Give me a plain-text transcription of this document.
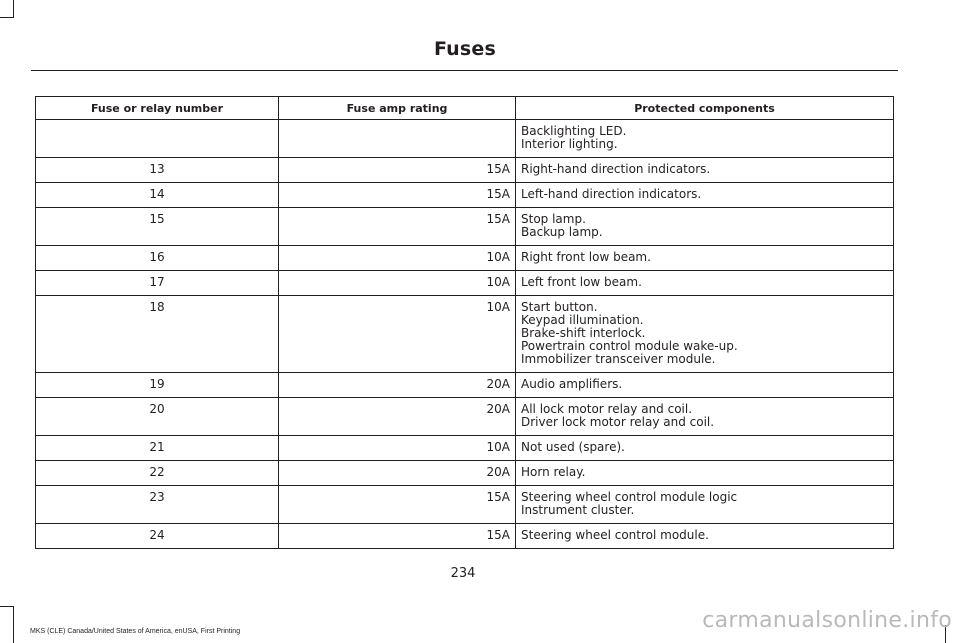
Fuses
Fuse or relay number	Fuse amp rating	Protected components

		Backlighting LED.
Interior lighting.

13	15A	Right-hand direction indicators.

14	15A	Left-hand direction indicators.

15	15A	Stop lamp.
Backup lamp.

16	10A	Right front low beam.

17	10A	Left front low beam.

18	10A	Start button.
Keypad illumination.
Brake-shift interlock.
Powertrain control module wake-up.
Immobilizer transceiver module.

19	20A	Audio amplifiers.

20	20A	All lock motor relay and coil.
Driver lock motor relay and coil.

21	10A	Not used (spare).

22	20A	Horn relay.

23	15A	Steering wheel control module logic
Instrument cluster.

24	15A	Steering wheel control module.
234
MKS (CLE) Canada/United States of America, enUSA, First Printing	carmanualsonline.info
